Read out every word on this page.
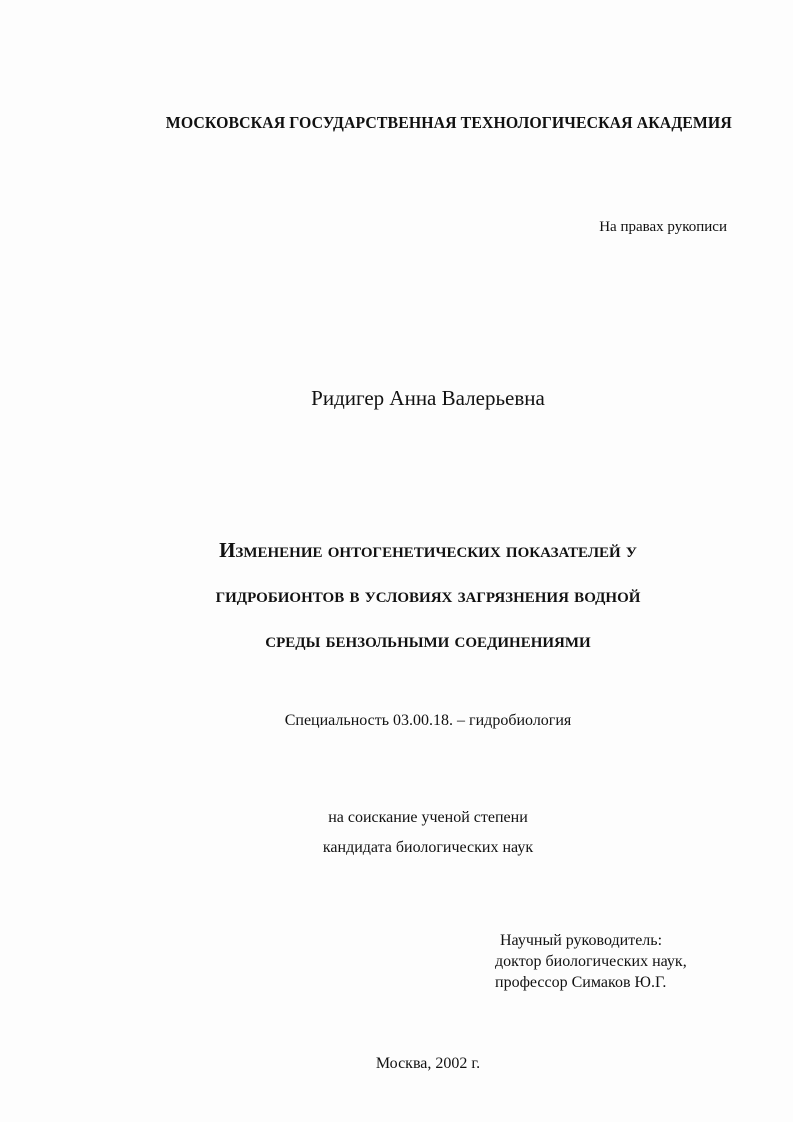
МОСКОВСКАЯ ГОСУДАРСТВЕННАЯ ТЕХНОЛОГИЧЕСКАЯ АКАДЕМИЯ
На правах рукописи
Ридигер Анна Валерьевна
Изменение онтогенетических показателей у
гидробионтов в условиях загрязнения водной
среды бензольными соединениями
Специальность 03.00.18. – гидробиология
на соискание ученой степени
кандидата биологических наук
Научный руководитель:
доктор биологических наук,
профессор Симаков Ю.Г.
Москва, 2002 г.
